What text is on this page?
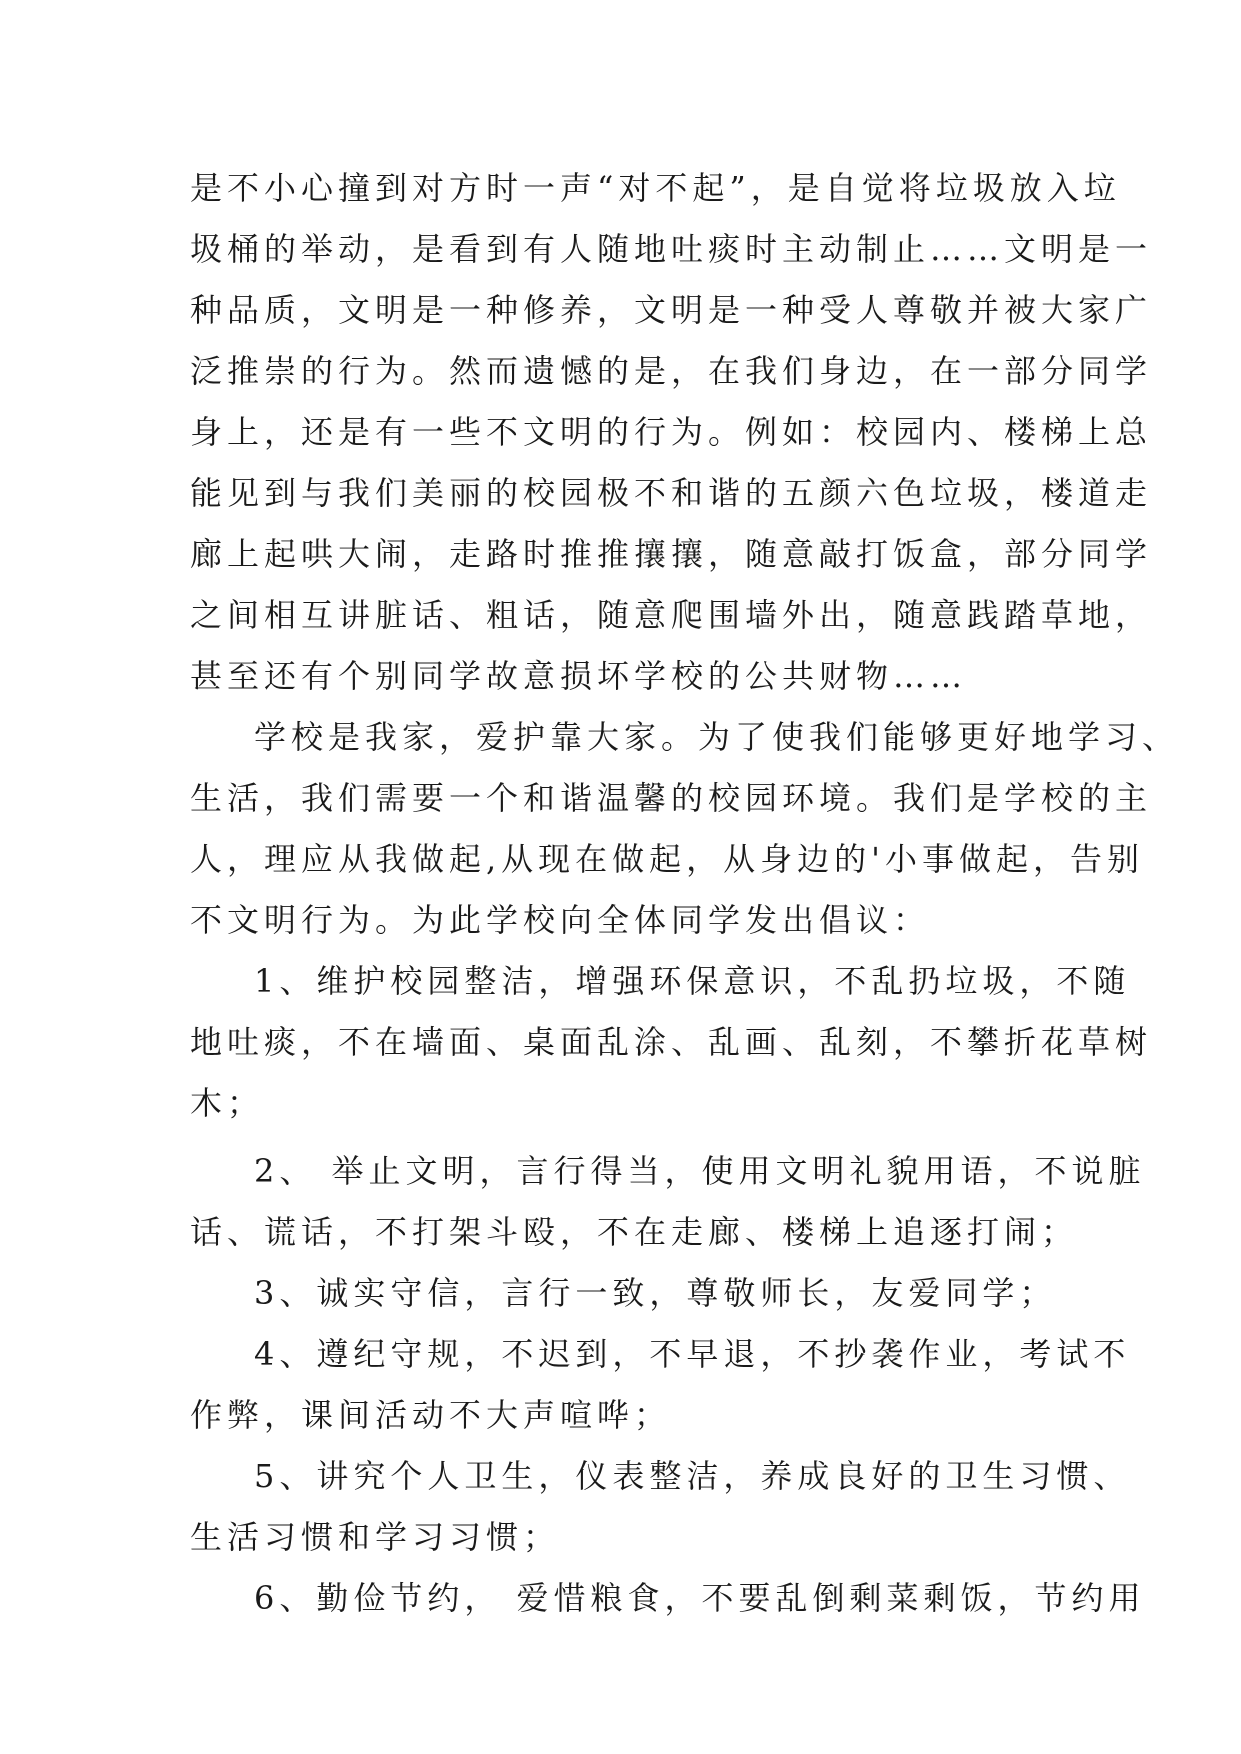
是不小心撞到对方时一声“对不起”，是自觉将垃圾放入垃
圾桶的举动，是看到有人随地吐痰时主动制止……文明是一
种品质，文明是一种修养，文明是一种受人尊敬并被大家广
泛推崇的行为。然而遗憾的是，在我们身边，在一部分同学
身上，还是有一些不文明的行为。例如：校园内、楼梯上总
能见到与我们美丽的校园极不和谐的五颜六色垃圾，楼道走
廊上起哄大闹，走路时推推攘攘，随意敲打饭盒，部分同学
之间相互讲脏话、粗话，随意爬围墙外出，随意践踏草地，
甚至还有个别同学故意损坏学校的公共财物……
学校是我家，爱护靠大家。为了使我们能够更好地学习、
生活，我们需要一个和谐温馨的校园环境。我们是学校的主
人，理应从我做起,从现在做起，从身边的'小事做起，告别
不文明行为。为此学校向全体同学发出倡议：
1、维护校园整洁，增强环保意识，不乱扔垃圾，不随
地吐痰，不在墙面、桌面乱涂、乱画、乱刻，不攀折花草树
木；
2、 举止文明，言行得当，使用文明礼貌用语，不说脏
话、谎话，不打架斗殴，不在走廊、楼梯上追逐打闹；
3、诚实守信，言行一致，尊敬师长，友爱同学；
4、遵纪守规，不迟到，不早退，不抄袭作业，考试不
作弊，课间活动不大声喧哗；
5、讲究个人卫生，仪表整洁，养成良好的卫生习惯、
生活习惯和学习习惯；
6、勤俭节约， 爱惜粮食，不要乱倒剩菜剩饭，节约用
